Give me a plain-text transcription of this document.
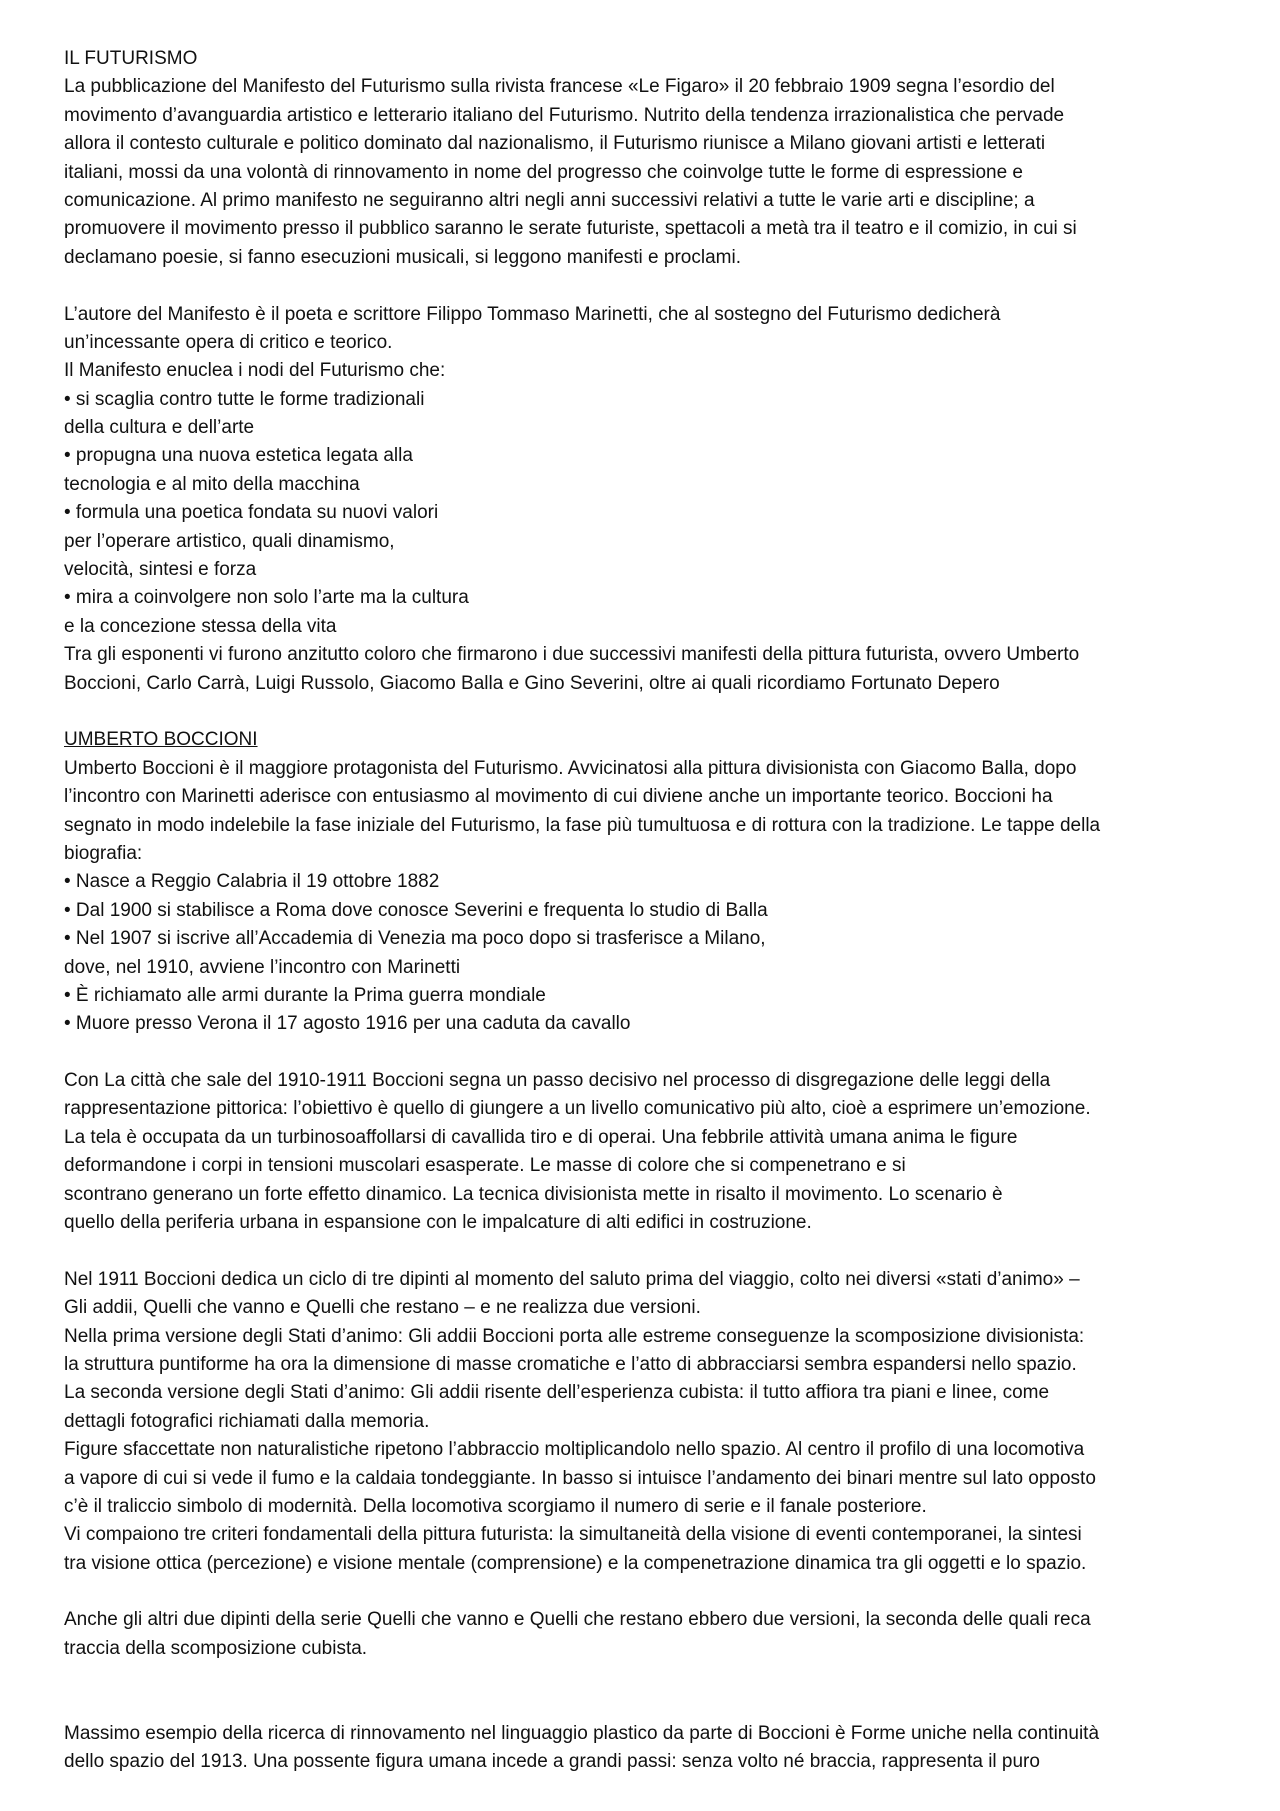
IL FUTURISMO
La pubblicazione del Manifesto del Futurismo sulla rivista francese «Le Figaro» il 20 febbraio 1909 segna l’esordio del
movimento d’avanguardia artistico e letterario italiano del Futurismo. Nutrito della tendenza irrazionalistica che pervade
allora il contesto culturale e politico dominato dal nazionalismo, il Futurismo riunisce a Milano giovani artisti e letterati
italiani, mossi da una volontà di rinnovamento in nome del progresso che coinvolge tutte le forme di espressione e
comunicazione. Al primo manifesto ne seguiranno altri negli anni successivi relativi a tutte le varie arti e discipline; a
promuovere il movimento presso il pubblico saranno le serate futuriste, spettacoli a metà tra il teatro e il comizio, in cui si
declamano poesie, si fanno esecuzioni musicali, si leggono manifesti e proclami.
L’autore del Manifesto è il poeta e scrittore Filippo Tommaso Marinetti, che al sostegno del Futurismo dedicherà
un’incessante opera di critico e teorico.
Il Manifesto enuclea i nodi del Futurismo che:
• si scaglia contro tutte le forme tradizionali
della cultura e dell’arte
• propugna una nuova estetica legata alla
tecnologia e al mito della macchina
• formula una poetica fondata su nuovi valori
per l’operare artistico, quali dinamismo,
velocità, sintesi e forza
• mira a coinvolgere non solo l’arte ma la cultura
e la concezione stessa della vita
Tra gli esponenti vi furono anzitutto coloro che firmarono i due successivi manifesti della pittura futurista, ovvero Umberto
Boccioni, Carlo Carrà, Luigi Russolo, Giacomo Balla e Gino Severini, oltre ai quali ricordiamo Fortunato Depero
UMBERTO BOCCIONI
Umberto Boccioni è il maggiore protagonista del Futurismo. Avvicinatosi alla pittura divisionista con Giacomo Balla, dopo
l’incontro con Marinetti aderisce con entusiasmo al movimento di cui diviene anche un importante teorico. Boccioni ha
segnato in modo indelebile la fase iniziale del Futurismo, la fase più tumultuosa e di rottura con la tradizione. Le tappe della
biografia:
• Nasce a Reggio Calabria il 19 ottobre 1882
• Dal 1900 si stabilisce a Roma dove conosce Severini e frequenta lo studio di Balla
• Nel 1907 si iscrive all’Accademia di Venezia ma poco dopo si trasferisce a Milano,
dove, nel 1910, avviene l’incontro con Marinetti
• È richiamato alle armi durante la Prima guerra mondiale
• Muore presso Verona il 17 agosto 1916 per una caduta da cavallo
Con La città che sale del 1910-1911 Boccioni segna un passo decisivo nel processo di disgregazione delle leggi della
rappresentazione pittorica: l’obiettivo è quello di giungere a un livello comunicativo più alto, cioè a esprimere un’emozione.
La tela è occupata da un turbinosoaffollarsi di cavallida tiro e di operai. Una febbrile attività umana anima le figure
deformandone i corpi in tensioni muscolari esasperate. Le masse di colore che si compenetrano e si
scontrano generano un forte effetto dinamico. La tecnica divisionista mette in risalto il movimento. Lo scenario è
quello della periferia urbana in espansione con le impalcature di alti edifici in costruzione.
Nel 1911 Boccioni dedica un ciclo di tre dipinti al momento del saluto prima del viaggio, colto nei diversi «stati d’animo» –
Gli addii, Quelli che vanno e Quelli che restano – e ne realizza due versioni.
Nella prima versione degli Stati d’animo: Gli addii Boccioni porta alle estreme conseguenze la scomposizione divisionista:
la struttura puntiforme ha ora la dimensione di masse cromatiche e l’atto di abbracciarsi sembra espandersi nello spazio.
La seconda versione degli Stati d’animo: Gli addii risente dell’esperienza cubista: il tutto affiora tra piani e linee, come
dettagli fotografici richiamati dalla memoria.
Figure sfaccettate non naturalistiche ripetono l’abbraccio moltiplicandolo nello spazio. Al centro il profilo di una locomotiva
a vapore di cui si vede il fumo e la caldaia tondeggiante. In basso si intuisce l’andamento dei binari mentre sul lato opposto
c’è il traliccio simbolo di modernità. Della locomotiva scorgiamo il numero di serie e il fanale posteriore.
Vi compaiono tre criteri fondamentali della pittura futurista: la simultaneità della visione di eventi contemporanei, la sintesi
tra visione ottica (percezione) e visione mentale (comprensione) e la compenetrazione dinamica tra gli oggetti e lo spazio.
Anche gli altri due dipinti della serie Quelli che vanno e Quelli che restano ebbero due versioni, la seconda delle quali reca
traccia della scomposizione cubista.
Massimo esempio della ricerca di rinnovamento nel linguaggio plastico da parte di Boccioni è Forme uniche nella continuità
dello spazio del 1913. Una possente figura umana incede a grandi passi: senza volto né braccia, rappresenta il puro
